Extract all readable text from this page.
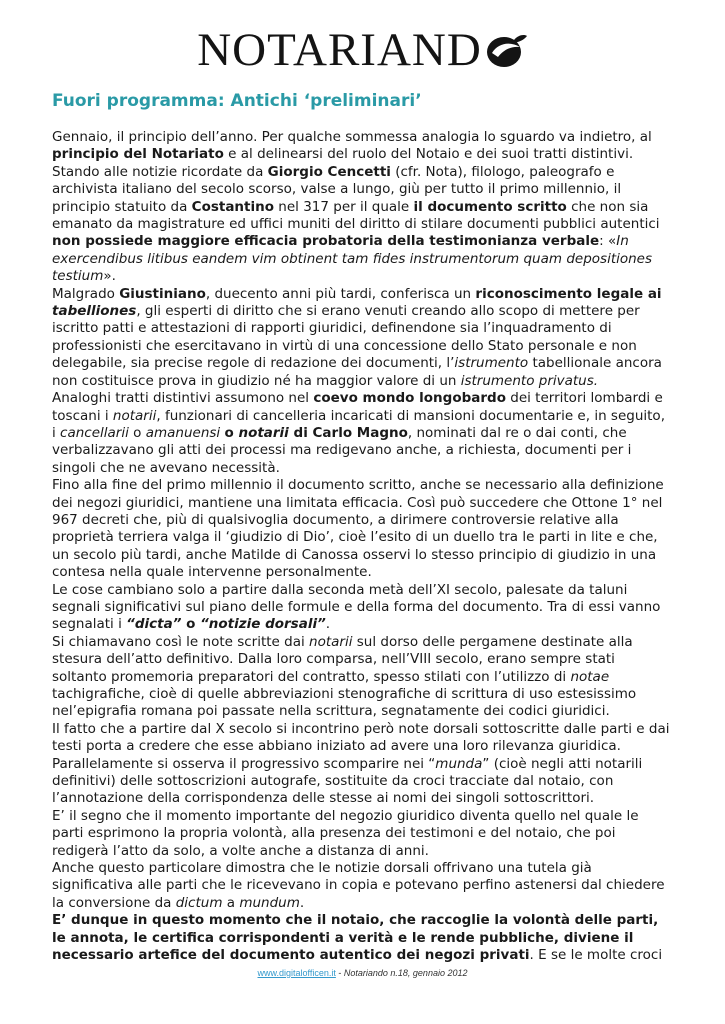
NOTARIAND
Fuori programma: Antichi ‘preliminari’

Gennaio, il principio dell’anno. Per qualche sommessa analogia lo sguardo va indietro, al principio del Notariato e al delinearsi del ruolo del Notaio e dei suoi tratti distintivi.

Stando alle notizie ricordate da Giorgio Cencetti (cfr. Nota), filologo, paleografo e archivista italiano del secolo scorso, valse a lungo, giù per tutto il primo millennio, il principio statuito da Costantino nel 317 per il quale il documento scritto che non sia emanato da magistrature ed uffici muniti del diritto di stilare documenti pubblici autentici non possiede maggiore efficacia probatoria della testimonianza verbale: «In exercendibus litibus eandem vim obtinent tam fides instrumentorum quam depositiones testium».

Malgrado Giustiniano, duecento anni più tardi, conferisca un riconoscimento legale ai tabelliones, gli esperti di diritto che si erano venuti creando allo scopo di mettere per iscritto patti e attestazioni di rapporti giuridici, definendone sia l’inquadramento di professionisti che esercitavano in virtù di una concessione dello Stato personale e non delegabile, sia precise regole di redazione dei documenti, l’istrumento tabellionale ancora non costituisce prova in giudizio né ha maggior valore di un istrumento privatus.

Analoghi tratti distintivi assumono nel coevo mondo longobardo dei territori lombardi e toscani i notarii, funzionari di cancelleria incaricati di mansioni documentarie e, in seguito, i cancellarii o amanuensi o notarii di Carlo Magno, nominati dal re o dai conti, che verbalizzavano gli atti dei processi ma redigevano anche, a richiesta, documenti per i singoli che ne avevano necessità.

Fino alla fine del primo millennio il documento scritto, anche se necessario alla definizione dei negozi giuridici, mantiene una limitata efficacia. Così può succedere che Ottone 1° nel 967 decreti che, più di qualsivoglia documento, a dirimere controversie relative alla proprietà terriera valga il ‘giudizio di Dio’, cioè l’esito di un duello tra le parti in lite e che, un secolo più tardi, anche Matilde di Canossa osservi lo stesso principio di giudizio in una contesa nella quale intervenne personalmente.

Le cose cambiano solo a partire dalla seconda metà dell’XI secolo, palesate da taluni segnali significativi sul piano delle formule e della forma del documento. Tra di essi vanno segnalati i “dicta” o “notizie dorsali”.

Si chiamavano così le note scritte dai notarii sul dorso delle pergamene destinate alla stesura dell’atto definitivo. Dalla loro comparsa, nell’VIII secolo, erano sempre stati soltanto promemoria preparatori del contratto, spesso stilati con l’utilizzo di notae tachigrafiche, cioè di quelle abbreviazioni stenografiche di scrittura di uso estesissimo nel’epigrafia romana poi passate nella scrittura, segnatamente dei codici giuridici.

Il fatto che a partire dal X secolo si incontrino però note dorsali sottoscritte dalle parti e dai testi porta a credere che esse abbiano iniziato ad avere una loro rilevanza giuridica.

Parallelamente si osserva il progressivo scomparire nei “munda” (cioè negli atti notarili definitivi) delle sottoscrizioni autografe, sostituite da croci tracciate dal notaio, con l’annotazione della corrispondenza delle stesse ai nomi dei singoli sottoscrittori.

E’ il segno che il momento importante del negozio giuridico diventa quello nel quale le parti esprimono la propria volontà, alla presenza dei testimoni e del notaio, che poi redigerà l’atto da solo, a volte anche a distanza di anni.

Anche questo particolare dimostra che le notizie dorsali offrivano una tutela già significativa alle parti che le ricevevano in copia e potevano perfino astenersi dal chiedere la conversione da dictum a mundum.

E’ dunque in questo momento che il notaio, che raccoglie la volontà delle parti, le annota, le certifica corrispondenti a verità e le rende pubbliche, diviene il necessario artefice del documento autentico dei negozi privati. E se le molte croci

www.digitalofficen.it - Notariando n.18, gennaio 2012
